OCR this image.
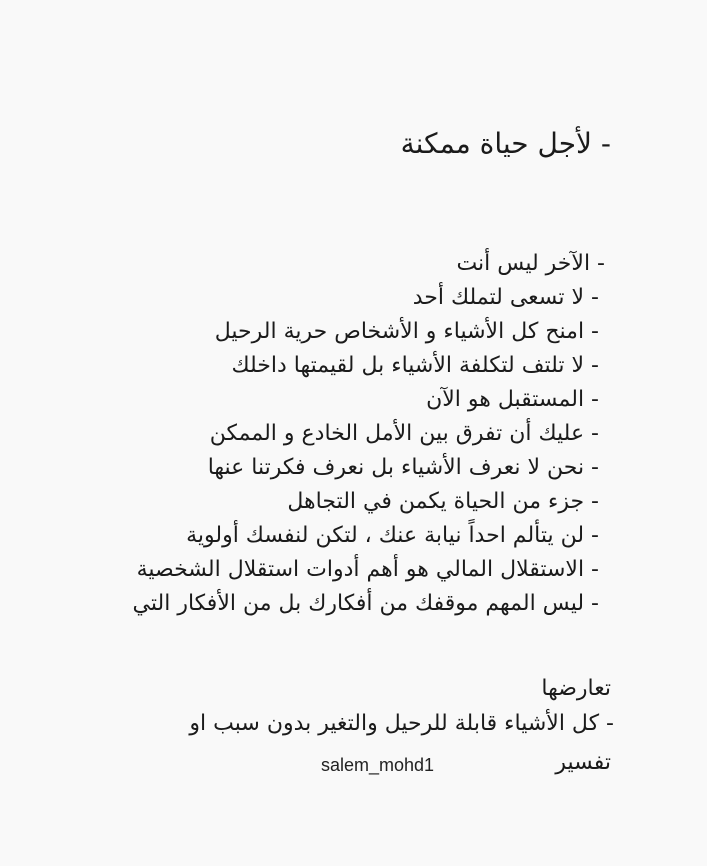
- لأجل حياة ممكنة
- الآخر ليس أنت
- لا تسعى لتملك أحد
- امنح كل الأشياء و الأشخاص حرية الرحيل
- لا تلتف لتكلفة الأشياء بل لقيمتها داخلك
- المستقبل هو الآن
- عليك أن تفرق بين الأمل الخادع و الممكن
- نحن لا نعرف الأشياء بل نعرف فكرتنا عنها
- جزء من الحياة يكمن في التجاهل
- لن يتألم احداً نيابة عنك ، لتكن لنفسك أولوية
- الاستقلال المالي هو أهم أدوات استقلال الشخصية
- ليس المهم موقفك من أفكارك بل من الأفكار التي
تعارضها
- كل الأشياء قابلة للرحيل والتغير بدون سبب او
تفسير
salem_mohd1
